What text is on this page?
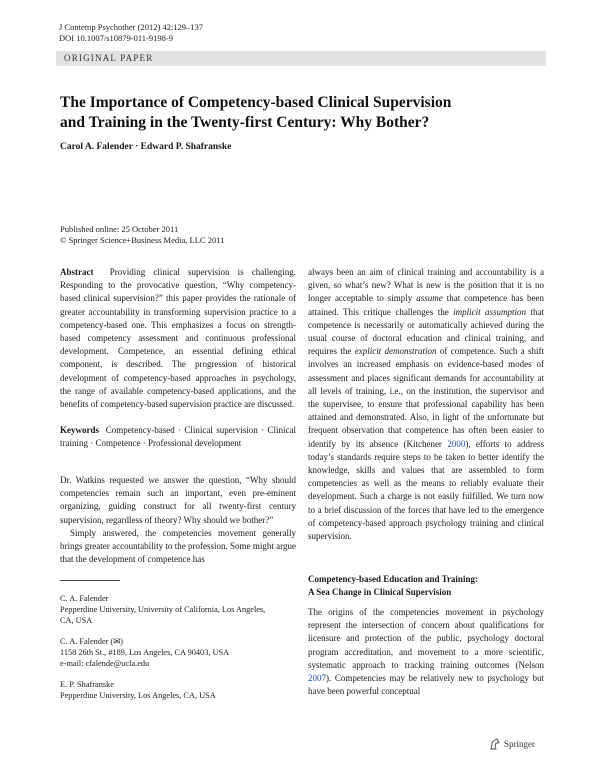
J Contemp Psychother (2012) 42:129–137
DOI 10.1007/s10879-011-9198-9
ORIGINAL PAPER
The Importance of Competency-based Clinical Supervision
and Training in the Twenty-first Century: Why Bother?
Carol A. Falender · Edward P. Shafranske
Published online: 25 October 2011
© Springer Science+Business Media, LLC 2011

Abstract Providing clinical supervision is challenging. Responding to the provocative question, “Why competency-based clinical supervision?” this paper provides the rationale of greater accountability in transforming supervision practice to a competency-based one. This emphasizes a focus on strength-based competency assessment and continuous professional development. Competence, an essential defining ethical component, is described. The progression of historical development of competency-based approaches in psychology, the range of available competency-based applications, and the benefits of competency-based supervision practice are discussed.

Keywords Competency-based · Clinical supervision · Clinical training · Competence · Professional development

Dr. Watkins requested we answer the question, “Why should competencies remain such an important, even pre-eminent organizing, guiding construct for all twenty-first century supervision, regardless of theory? Why should we bother?”

Simply answered, the competencies movement generally brings greater accountability to the profession. Some might argue that the development of competence has

C. A. Falender

Pepperdine University, University of California, Los Angeles,

CA, USA

C. A. Falender (✉)

1158 26th St., #189, Los Angeles, CA 90403, USA

e-mail: cfalende@ucla.edu

E. P. Shafranske

Pepperdine University, Los Angeles, CA, USA

always been an aim of clinical training and accountability is a given, so what’s new? What is new is the position that it is no longer acceptable to simply assume that competence has been attained. This critique challenges the implicit assumption that competence is necessarily or automatically achieved during the usual course of doctoral education and clinical training, and requires the explicit demonstration of competence. Such a shift involves an increased emphasis on evidence-based modes of assessment and places significant demands for accountability at all levels of training, i.e., on the institution, the supervisor and the supervisee, to ensure that professional capability has been attained and demonstrated. Also, in light of the unfortunate but frequent observation that competence has often been easier to identify by its absence (Kitchener 2000), efforts to address today’s standards require steps to be taken to better identify the knowledge, skills and values that are assembled to form competencies as well as the means to reliably evaluate their development. Such a charge is not easily fulfilled. We turn now to a brief discussion of the forces that have led to the emergence of competency-based approach psychology training and clinical supervision.

Competency-based Education and Training:
A Sea Change in Clinical Supervision

The origins of the competencies movement in psychology represent the intersection of concern about qualifications for licensure and protection of the public, psychology doctoral program accreditation, and movement to a more scientific, systematic approach to tracking training outcomes (Nelson 2007). Competencies may be relatively new to psychology but have been powerful conceptual

Springer
